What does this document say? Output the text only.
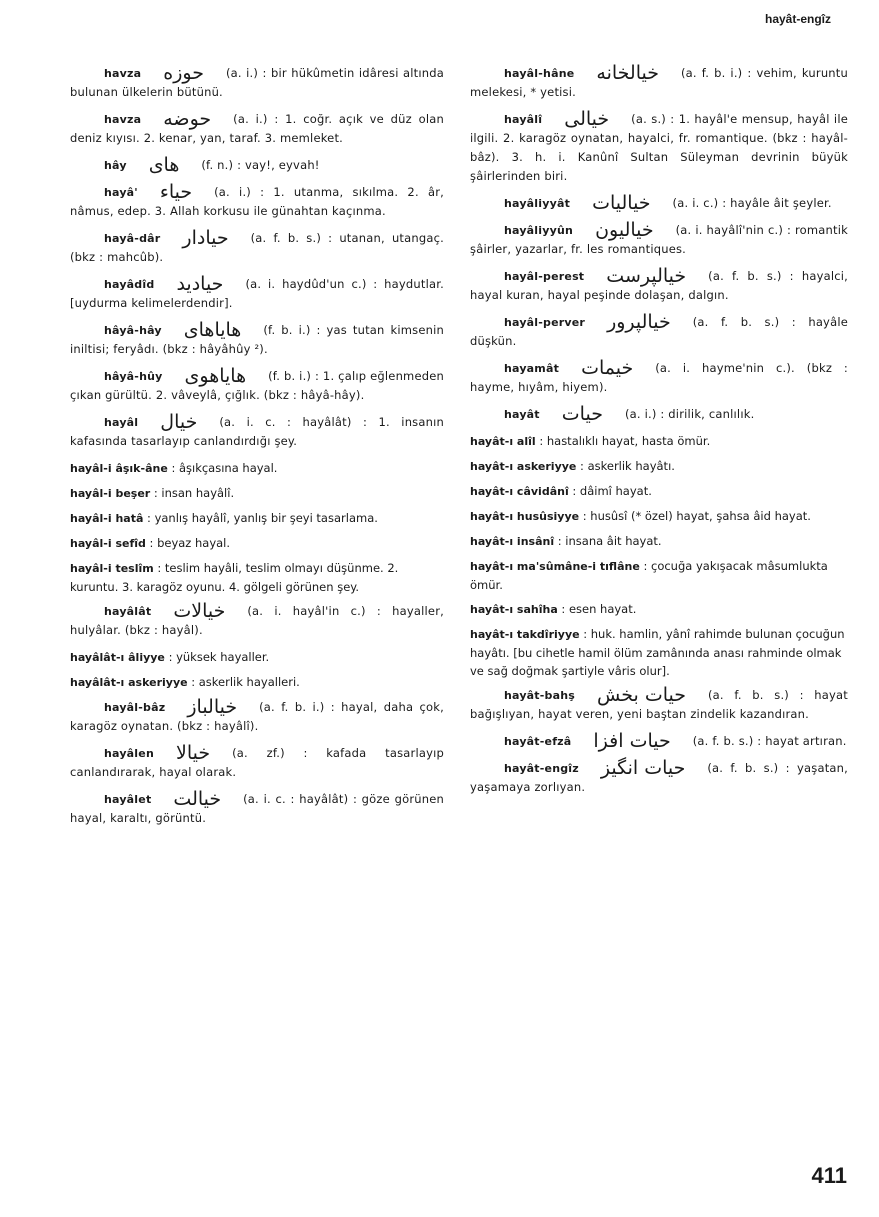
hayât-engîz
havza حوزه (a. i.) : bir hükûmetin idâresi altında bulunan ülkelerin bütünü.
havza حوضه (a. i.) : 1. coğr. açık ve düz olan deniz kıyısı. 2. kenar, yan, taraf. 3. memleket.
hây هاى (f. n.) : vay!, eyvah!
hayâ' حياء (a. i.) : 1. utanma, sıkılma. 2. âr, nâmus, edep. 3. Allah korkusu ile günahtan kaçınma.
hayâ-dâr حيادار (a. f. b. s.) : utanan, utangaç. (bkz : mahcûb).
hayâdîd حياديد (a. i. haydûd'un c.) : haydutlar. [uydurma kelimelerdendir].
hâyâ-hây هاياهاى (f. b. i.) : yas tutan kimsenin iniltisi; feryâdı. (bkz : hâyâhûy ²).
hâyâ-hûy هاياهوى (f. b. i.) : 1. çalıp eğlenmeden çıkan gürültü. 2. vâveylâ, çığlık. (bkz : hâyâ-hây).
hayâl خيال (a. i. c. : hayâlât) : 1. insanın kafasında tasarlayıp canlandırdığı şey.
hayâl-i âşık-âne : âşıkçasına hayal.
hayâl-i beşer : insan hayâlî.
hayâl-i hatâ : yanlış hayâlî, yanlış bir şeyi tasarlama.
hayâl-i sefîd : beyaz hayal.
hayâl-i teslîm : teslim hayâli, teslim olmayı düşünme. 2. kuruntu. 3. karagöz oyunu. 4. gölgeli görünen şey.
hayâlât خيالات (a. i. hayâl'in c.) : hayaller, hulyâlar. (bkz : hayâl).
hayâlât-ı âliyye : yüksek hayaller.
hayâlât-ı askeriyye : askerlik hayalleri.
hayâl-bâz خيالباز (a. f. b. i.) : hayal, daha çok, karagöz oynatan. (bkz : hayâlî).
hayâlen خيالا (a. zf.) : kafada tasarlayıp canlandırarak, hayal olarak.
hayâlet خيالت (a. i. c. : hayâlât) : göze görünen hayal, karaltı, görüntü.
hayâl-hâne خيالخانه (a. f. b. i.) : vehim, kuruntu melekesi, * yetisi.
hayâlî خيالى (a. s.) : 1. hayâl'e mensup, hayâl ile ilgili. 2. karagöz oynatan, hayalci, fr. romantique. (bkz : hayâl-bâz). 3. h. i. Kanûnî Sultan Süleyman devrinin büyük şâirlerinden biri.
hayâliyyât خياليات (a. i. c.) : hayâle âit şeyler.
hayâliyyûn خياليون (a. i. hayâlî'nin c.) : romantik şâirler, yazarlar, fr. les romantiques.
hayâl-perest خيالپرست (a. f. b. s.) : hayalci, hayal kuran, hayal peşinde dolaşan, dalgın.
hayâl-perver خيالپرور (a. f. b. s.) : hayâle düşkün.
hayamât خيمات (a. i. hayme'nin c.). (bkz : hayme, hıyâm, hiyem).
hayât حيات (a. i.) : dirilik, canlılık.
hayât-ı alîl : hastalıklı hayat, hasta ömür.
hayât-ı askeriyye : askerlik hayâtı.
hayât-ı câvidânî : dâimî hayat.
hayât-ı husûsiyye : husûsî (* özel) hayat, şahsa âid hayat.
hayât-ı insânî : insana âit hayat.
hayât-ı ma'sûmâne-i tıflâne : çocuğa yakışacak mâsumlukta ömür.
hayât-ı sahîha : esen hayat.
hayât-ı takdîriyye : huk. hamlin, yânî rahimde bulunan çocuğun hayâtı. [bu cihetle hamil ölüm zamânında anası rahminde olmak ve sağ doğmak şartiyle vâris olur].
hayât-bahş حيات بخش (a. f. b. s.) : hayat bağışlıyan, hayat veren, yeni baştan zindelik kazandıran.
hayât-efzâ حيات افزا (a. f. b. s.) : hayat artıran.
hayât-engîz حيات انگيز (a. f. b. s.) : yaşatan, yaşamaya zorlıyan.
411
